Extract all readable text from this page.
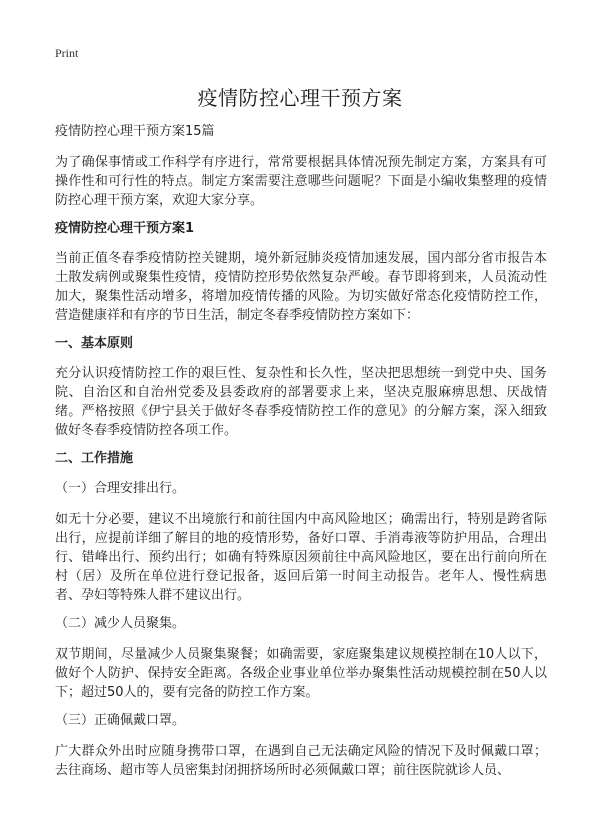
Print
疫情防控心理干预方案
疫情防控心理干预方案15篇

为了确保事情或工作科学有序进行，常常要根据具体情况预先制定方案，方案具有可操作性和可行性的特点。制定方案需要注意哪些问题呢？下面是小编收集整理的疫情防控心理干预方案，欢迎大家分享。

疫情防控心理干预方案1

当前正值冬春季疫情防控关键期，境外新冠肺炎疫情加速发展，国内部分省市报告本土散发病例或聚集性疫情，疫情防控形势依然复杂严峻。春节即将到来，人员流动性加大，聚集性活动增多，将增加疫情传播的风险。为切实做好常态化疫情防控工作，营造健康祥和有序的节日生活，制定冬春季疫情防控方案如下：

一、基本原则

充分认识疫情防控工作的艰巨性、复杂性和长久性，坚决把思想统一到党中央、国务院、自治区和自治州党委及县委政府的部署要求上来，坚决克服麻痹思想、厌战情绪。严格按照《伊宁县关于做好冬春季疫情防控工作的意见》的分解方案，深入细致做好冬春季疫情防控各项工作。

二、工作措施
（一）合理安排出行。

如无十分必要，建议不出境旅行和前往国内中高风险地区；确需出行，特别是跨省际出行，应提前详细了解目的地的疫情形势，备好口罩、手消毒液等防护用品，合理出行、错峰出行、预约出行；如确有特殊原因须前往中高风险地区，要在出行前向所在村（居）及所在单位进行登记报备，返回后第一时间主动报告。老年人、慢性病患者、孕妇等特殊人群不建议出行。

（二）减少人员聚集。

双节期间，尽量减少人员聚集聚餐；如确需要，家庭聚集建议规模控制在10人以下，做好个人防护、保持安全距离。各级企业事业单位举办聚集性活动规模控制在50人以下；超过50人的，要有完备的防控工作方案。

（三）正确佩戴口罩。

广大群众外出时应随身携带口罩，在遇到自己无法确定风险的情况下及时佩戴口罩；去往商场、超市等人员密集封闭拥挤场所时必须佩戴口罩；前往医院就诊人员、
